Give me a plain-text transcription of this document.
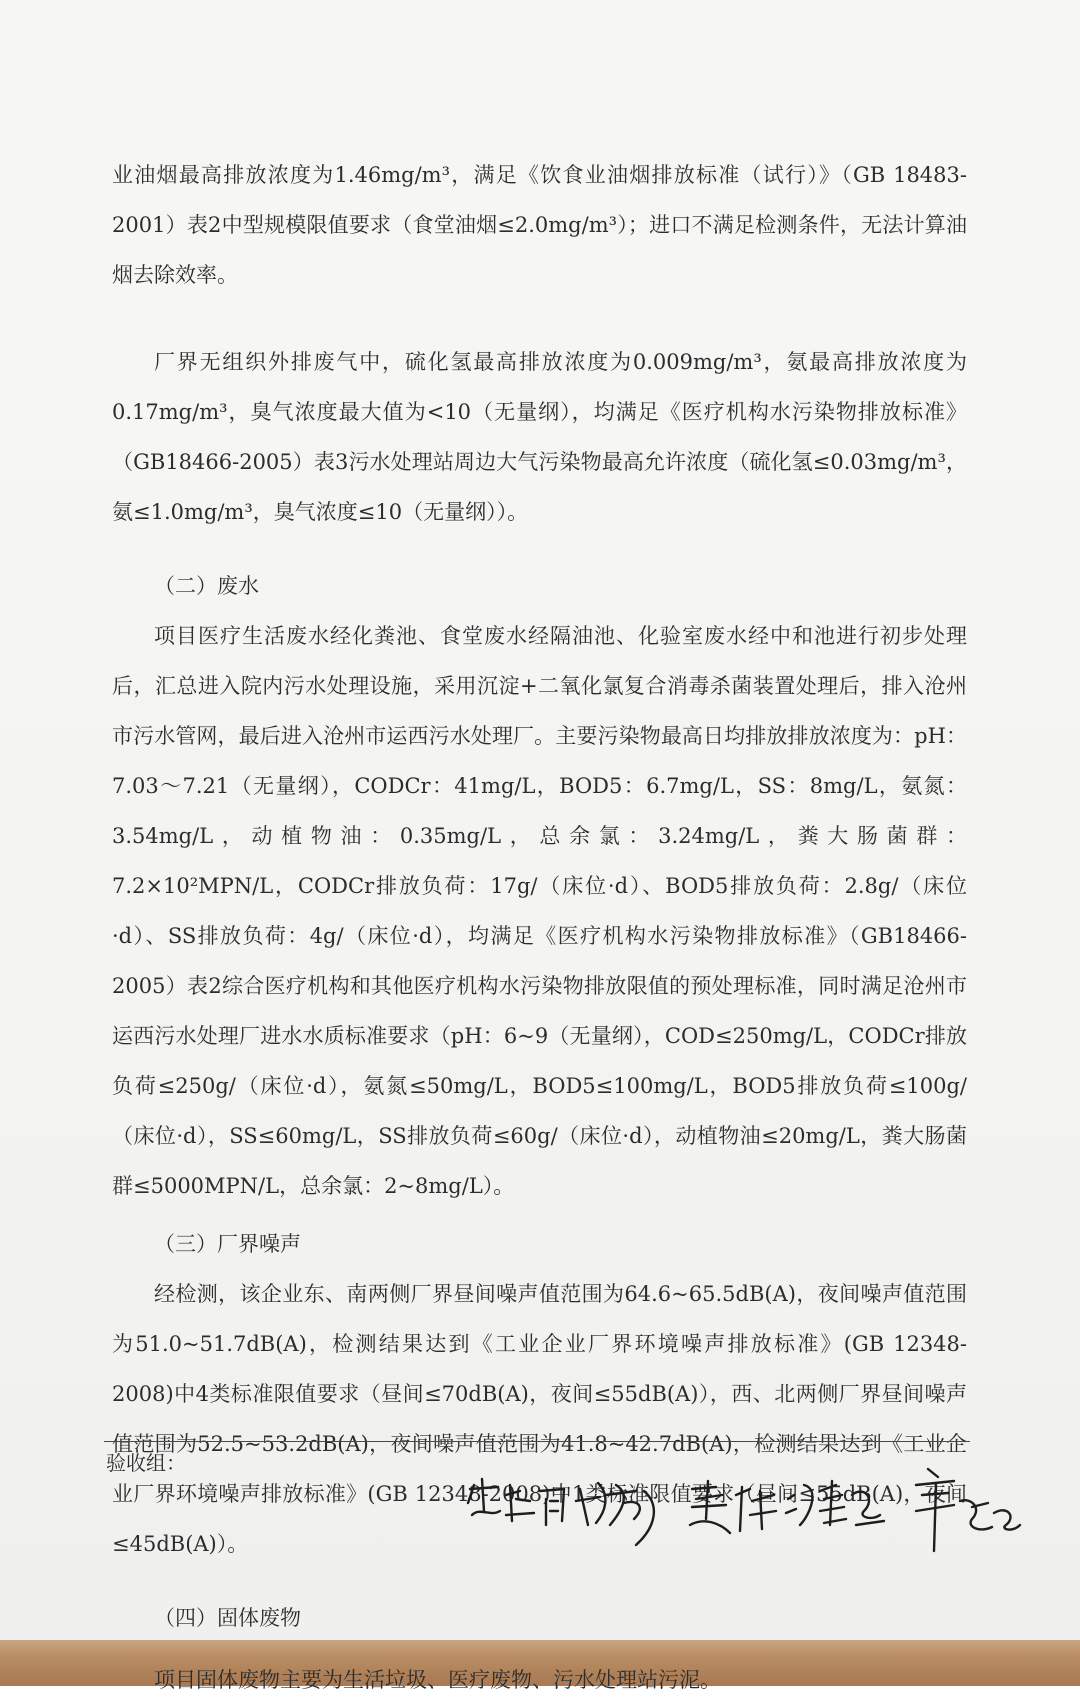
业油烟最高排放浓度为1.46mg/m³，满足《饮食业油烟排放标准（试行）》（GB 18483-2001）表2中型规模限值要求（食堂油烟≤2.0mg/m³）；进口不满足检测条件，无法计算油烟去除效率。

厂界无组织外排废气中，硫化氢最高排放浓度为0.009mg/m³，氨最高排放浓度为0.17mg/m³，臭气浓度最大值为<10（无量纲），均满足《医疗机构水污染物排放标准》（GB18466-2005）表3污水处理站周边大气污染物最高允许浓度（硫化氢≤0.03mg/m³，氨≤1.0mg/m³，臭气浓度≤10（无量纲））。

（二）废水

项目医疗生活废水经化粪池、食堂废水经隔油池、化验室废水经中和池进行初步处理后，汇总进入院内污水处理设施，采用沉淀+二氧化氯复合消毒杀菌装置处理后，排入沧州市污水管网，最后进入沧州市运西污水处理厂。主要污染物最高日均排放排放浓度为：pH：7.03～7.21（无量纲），CODCr：41mg/L，BOD5：6.7mg/L，SS：8mg/L，氨氮：3.54mg/L，动植物油：0.35mg/L，总余氯：3.24mg/L，粪大肠菌群：7.2×10²MPN/L，CODCr排放负荷：17g/（床位·d）、BOD5排放负荷：2.8g/（床位·d）、SS排放负荷：4g/（床位·d），均满足《医疗机构水污染物排放标准》（GB18466-2005）表2综合医疗机构和其他医疗机构水污染物排放限值的预处理标准，同时满足沧州市运西污水处理厂进水水质标准要求（pH：6~9（无量纲），COD≤250mg/L，CODCr排放负荷≤250g/（床位·d），氨氮≤50mg/L，BOD5≤100mg/L，BOD5排放负荷≤100g/（床位·d），SS≤60mg/L，SS排放负荷≤60g/（床位·d），动植物油≤20mg/L，粪大肠菌群≤5000MPN/L，总余氯：2~8mg/L）。

（三）厂界噪声

经检测，该企业东、南两侧厂界昼间噪声值范围为64.6~65.5dB(A)，夜间噪声值范围为51.0~51.7dB(A)，检测结果达到《工业企业厂界环境噪声排放标准》(GB 12348-2008)中4类标准限值要求（昼间≤70dB(A)，夜间≤55dB(A)），西、北两侧厂界昼间噪声值范围为52.5~53.2dB(A)，夜间噪声值范围为41.8~42.7dB(A)，检测结果达到《工业企业厂界环境噪声排放标准》(GB 12348-2008)中1类标准限值要求（昼间≤55dB(A)，夜间≤45dB(A)）。

（四）固体废物

项目固体废物主要为生活垃圾、医疗废物、污水处理站污泥。

验收组：
